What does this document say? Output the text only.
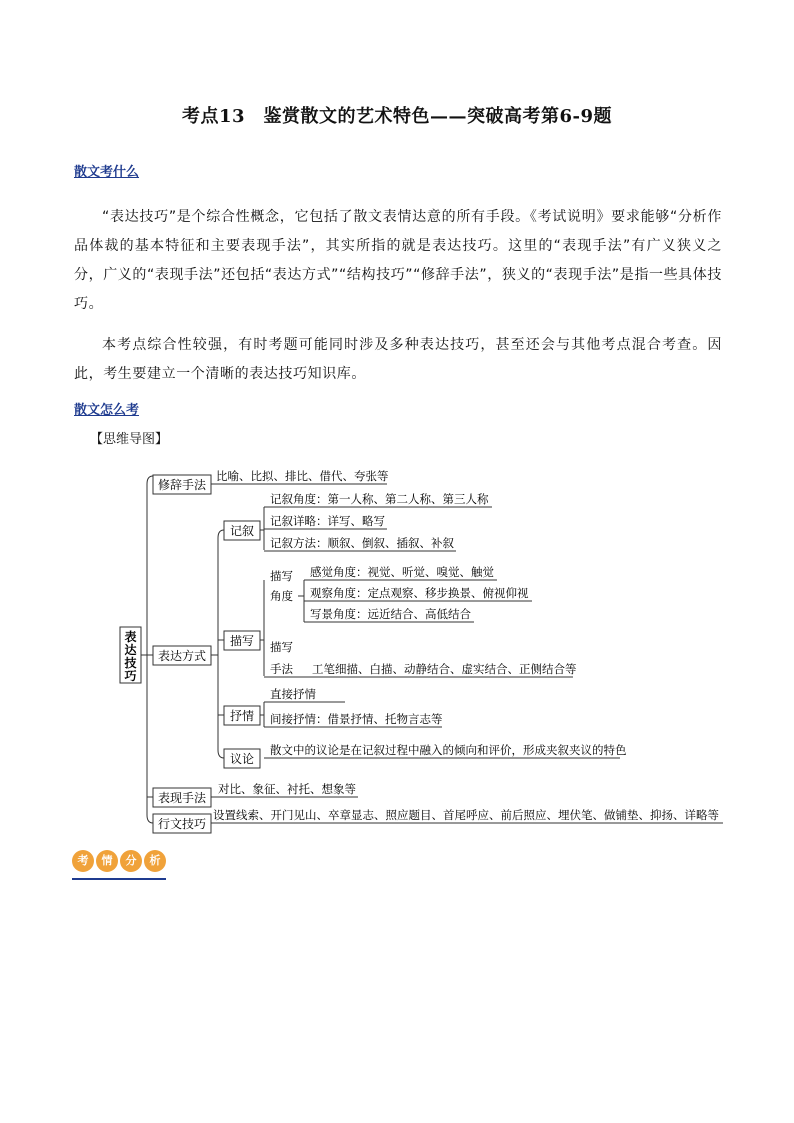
考点13　鉴赏散文的艺术特色——突破高考第6-9题
散文考什么
“表达技巧”是个综合性概念，它包括了散文表情达意的所有手段。《考试说明》要求能够“分析作品体裁的基本特征和主要表现手法”，其实所指的就是表达技巧。这里的“表现手法”有广义狭义之分，广义的“表现手法”还包括“表达方式”“结构技巧”“修辞手法”，狭义的“表现手法”是指一些具体技巧。
本考点综合性较强，有时考题可能同时涉及多种表达技巧，甚至还会与其他考点混合考查。因此，考生要建立一个清晰的表达技巧知识库。
散文怎么考
【思维导图】
表
达
技
巧
修辞手法
比喻、比拟、排比、借代、夸张等
表达方式
表现手法
对比、象征、衬托、想象等
行文技巧
设置线索、开门见山、卒章显志、照应题目、首尾呼应、前后照应、埋伏笔、做铺垫、抑扬、详略等
记叙
记叙角度：第一人称、第二人称、第三人称
记叙详略：详写、略写
记叙方法：顺叙、倒叙、插叙、补叙
描写
描写
角度
感觉角度：视觉、听觉、嗅觉、触觉
观察角度：定点观察、移步换景、俯视仰视
写景角度：远近结合、高低结合
描写
手法 工笔细描、白描、动静结合、虚实结合、正侧结合等
抒情
直接抒情
间接抒情：借景抒情、托物言志等
议论
散文中的议论是在记叙过程中融入的倾向和评价，形成夹叙夹议的特色
考	情	分	析
